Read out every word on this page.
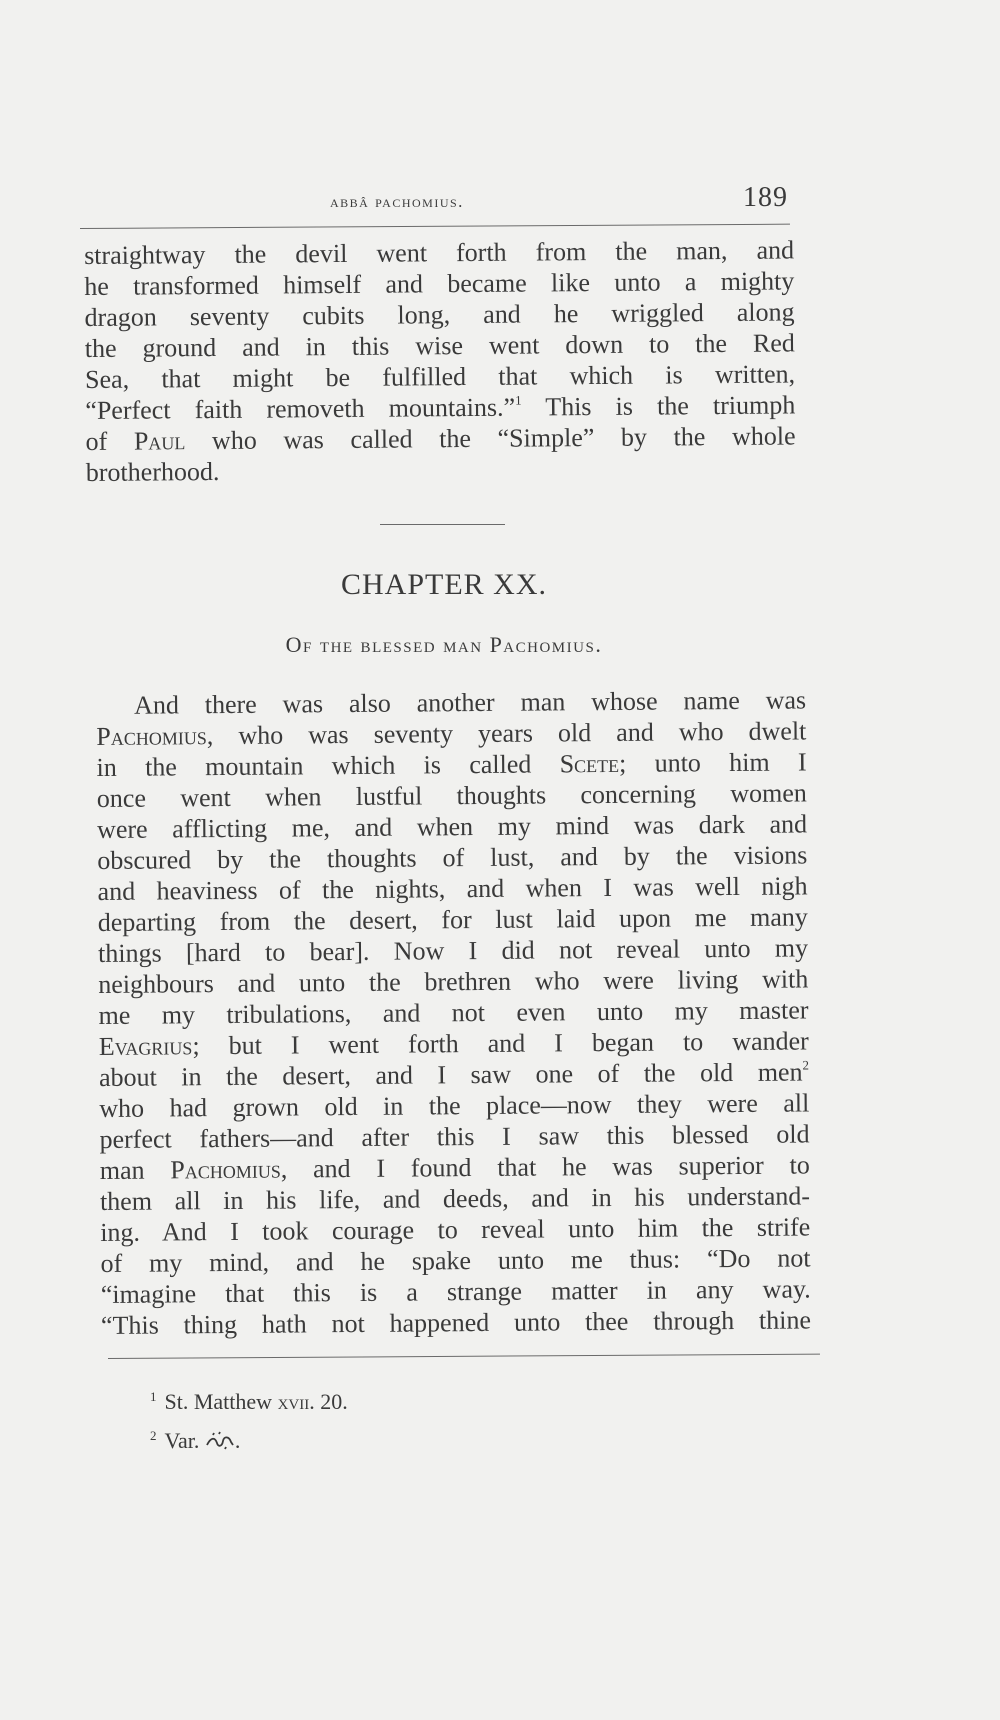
abbâ pachomius.	189
straightway the devil went forth from the man, and
he transformed himself and became like unto a mighty
dragon seventy cubits long, and he wriggled along
the ground and in this wise went down to the Red
Sea, that might be fulfilled that which is written,
“Perfect faith removeth mountains.”$^1$ This is the triumph
of Paul who was called the “Simple” by the whole
brotherhood.
CHAPTER XX.
Of the blessed man Pachomius.
And there was also another man whose name was
Pachomius, who was seventy years old and who dwelt
in the mountain which is called Scete; unto him I
once went when lustful thoughts concerning women
were afflicting me, and when my mind was dark and
obscured by the thoughts of lust, and by the visions
and heaviness of the nights, and when I was well nigh
departing from the desert, for lust laid upon me many
things [hard to bear]. Now I did not reveal unto my
neighbours and unto the brethren who were living with
me my tribulations, and not even unto my master
Evagrius; but I went forth and I began to wander
about in the desert, and I saw one of the old men$^2$
who had grown old in the place—now they were all
perfect fathers—and after this I saw this blessed old
man Pachomius, and I found that he was superior to
them all in his life, and deeds, and in his understand-
ing. And I took courage to reveal unto him the strife
of my mind, and he spake unto me thus: “Do not
“imagine that this is a strange matter in any way.
“This thing hath not happened unto thee through thine
$^1$ St. Matthew xvii. 20.
$^2$ Var. .
